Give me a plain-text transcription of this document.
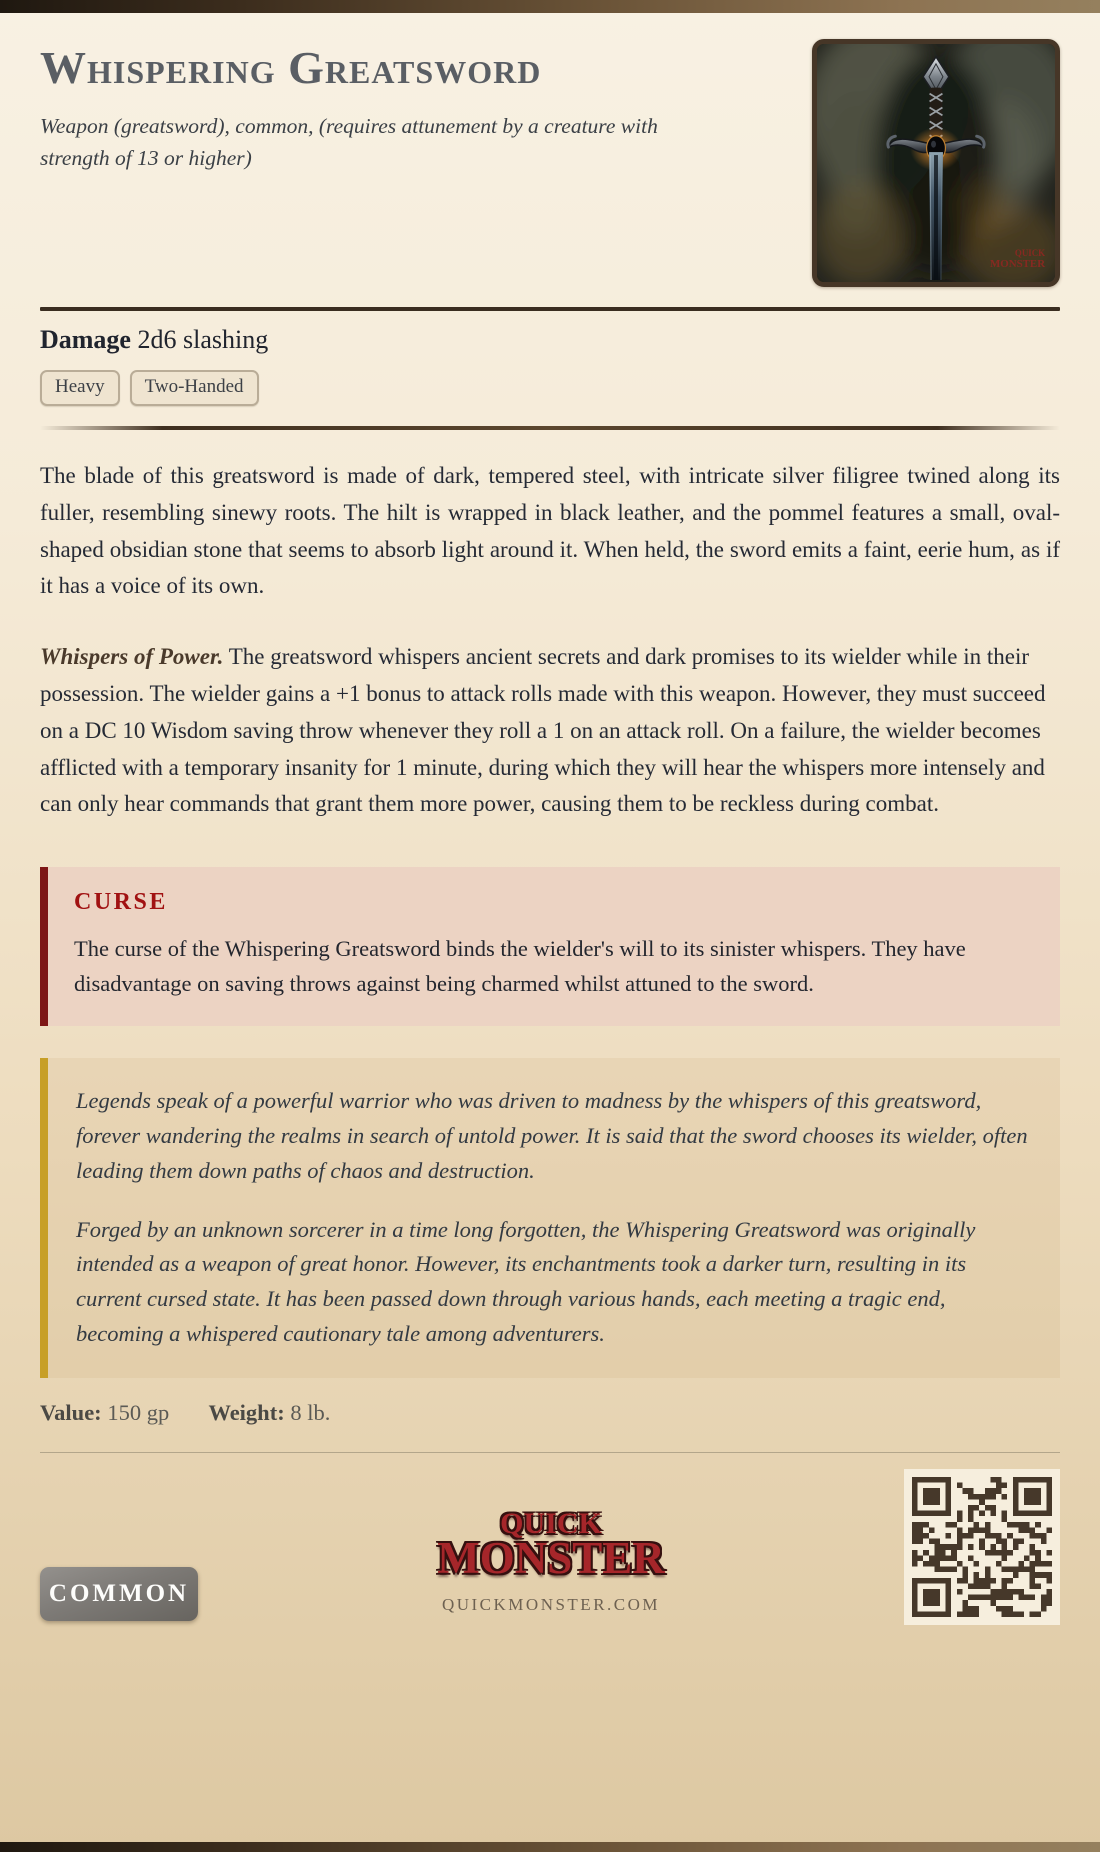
Whispering Greatsword
Weapon (greatsword), common, (requires attunement by a creature with strength of 13 or higher)
QUICK
MONSTER
Damage 2d6 slashing
Heavy	Two-Handed

The blade of this greatsword is made of dark, tempered steel, with intricate silver filigree twined along its fuller, resembling sinewy roots. The hilt is wrapped in black leather, and the pommel features a small, oval-shaped obsidian stone that seems to absorb light around it. When held, the sword emits a faint, eerie hum, as if it has a voice of its own.

Whispers of Power. The greatsword whispers ancient secrets and dark promises to its wielder while in their possession. The wielder gains a +1 bonus to attack rolls made with this weapon. However, they must succeed on a DC 10 Wisdom saving throw whenever they roll a 1 on an attack roll. On a failure, the wielder becomes afflicted with a temporary insanity for 1 minute, during which they will hear the whispers more intensely and can only hear commands that grant them more power, causing them to be reckless during combat.

CURSE

The curse of the Whispering Greatsword binds the wielder's will to its sinister whispers. They have disadvantage on saving throws against being charmed whilst attuned to the sword.

Legends speak of a powerful warrior who was driven to madness by the whispers of this greatsword, forever wandering the realms in search of untold power. It is said that the sword chooses its wielder, often leading them down paths of chaos and destruction.

Forged by an unknown sorcerer in a time long forgotten, the Whispering Greatsword was originally intended as a weapon of great honor. However, its enchantments took a darker turn, resulting in its current cursed state. It has been passed down through various hands, each meeting a tragic end, becoming a whispered cautionary tale among adventurers.

Value: 150 gp Weight: 8 lb.
COMMON
QUICK
MONSTER
QUICKMONSTER.COM
